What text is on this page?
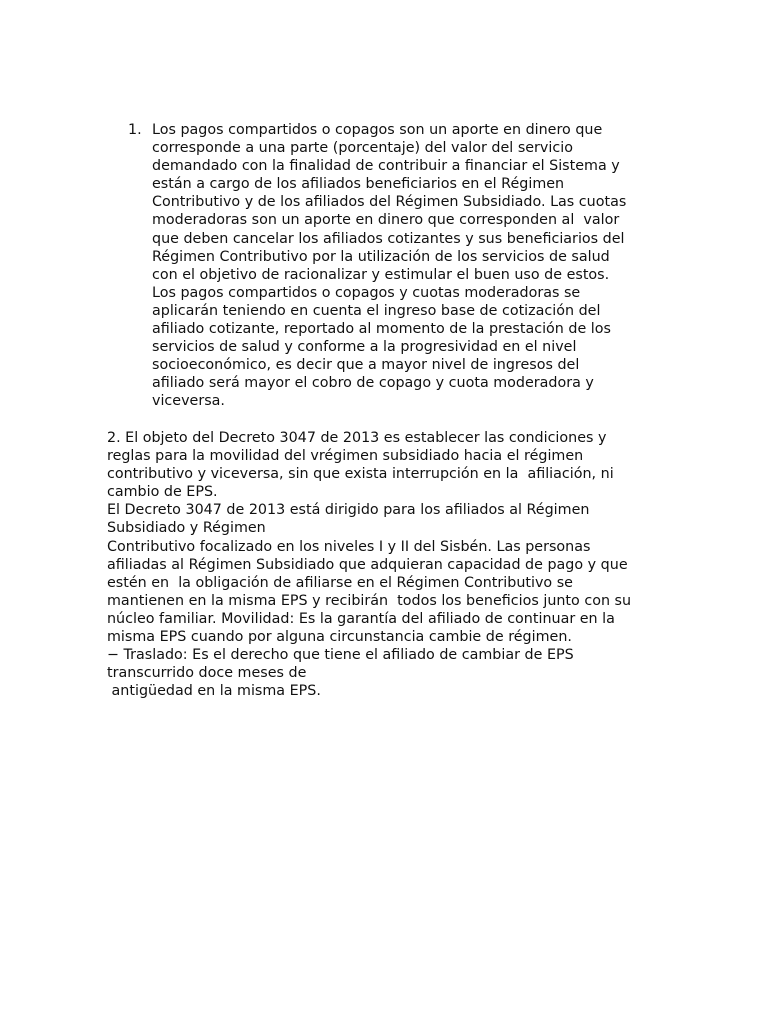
1. Los pagos compartidos o copagos son un aporte en dinero que
corresponde a una parte (porcentaje) del valor del servicio
demandado con la finalidad de contribuir a financiar el Sistema y
están a cargo de los afiliados beneficiarios en el Régimen
Contributivo y de los afiliados del Régimen Subsidiado. Las cuotas
moderadoras son un aporte en dinero que corresponden al  valor
que deben cancelar los afiliados cotizantes y sus beneficiarios del
Régimen Contributivo por la utilización de los servicios de salud
con el objetivo de racionalizar y estimular el buen uso de estos.
Los pagos compartidos o copagos y cuotas moderadoras se
aplicarán teniendo en cuenta el ingreso base de cotización del
afiliado cotizante, reportado al momento de la prestación de los
servicios de salud y conforme a la progresividad en el nivel
socioeconómico, es decir que a mayor nivel de ingresos del
afiliado será mayor el cobro de copago y cuota moderadora y
viceversa.
2. El objeto del Decreto 3047 de 2013 es establecer las condiciones y
reglas para la movilidad del vrégimen subsidiado hacia el régimen
contributivo y viceversa, sin que exista interrupción en la  afiliación, ni
cambio de EPS.
El Decreto 3047 de 2013 está dirigido para los afiliados al Régimen
Subsidiado y Régimen
Contributivo focalizado en los niveles I y II del Sisbén. Las personas
afiliadas al Régimen Subsidiado que adquieran capacidad de pago y que
estén en  la obligación de afiliarse en el Régimen Contributivo se
mantienen en la misma EPS y recibirán  todos los beneficios junto con su
núcleo familiar. Movilidad: Es la garantía del afiliado de continuar en la
misma EPS cuando por alguna circunstancia cambie de régimen.
− Traslado: Es el derecho que tiene el afiliado de cambiar de EPS
transcurrido doce meses de
antigüedad en la misma EPS.
